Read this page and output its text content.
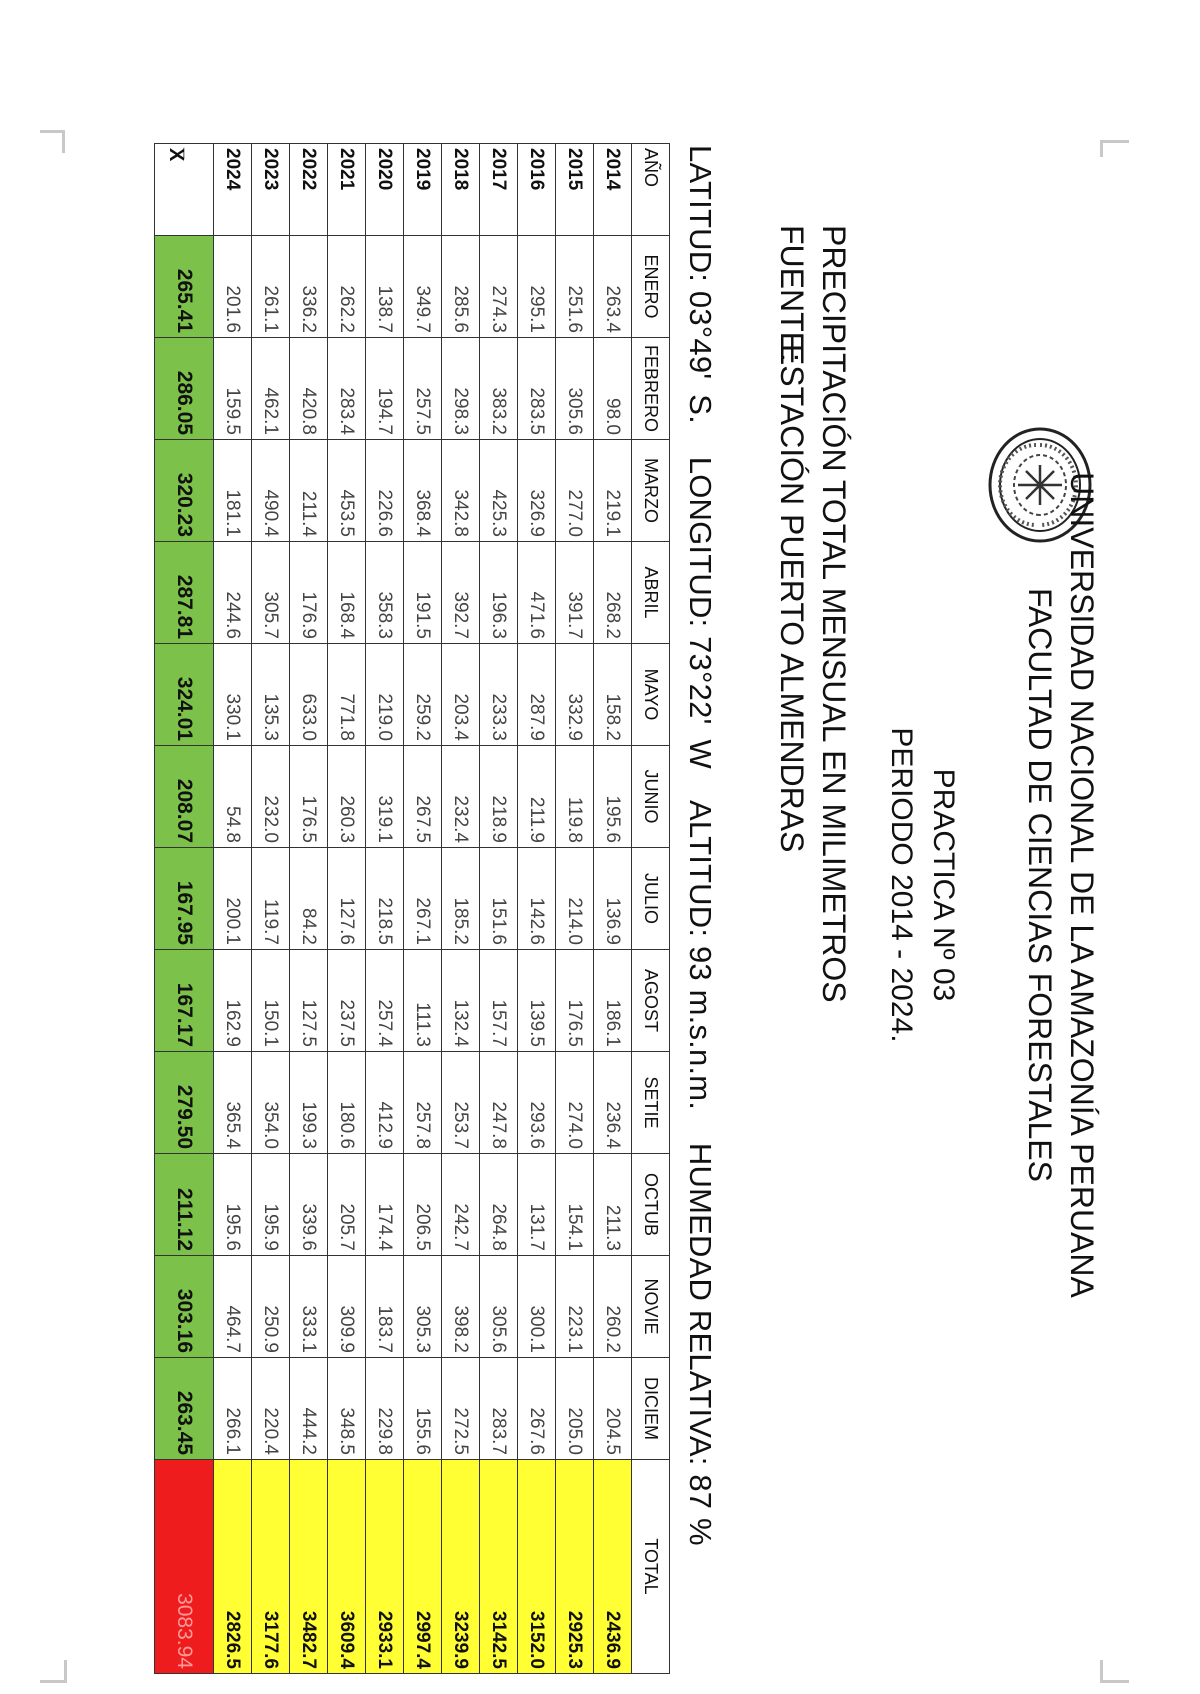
UNIVERSIDAD NACIONAL DE LA AMAZONÍA PERUANA
FACULTAD DE CIENCIAS FORESTALES
PRACTICA Nº 03
PERIODO 2014 - 2024.
PRECIPITACIÓN TOTAL MENSUAL EN MILIMETROS
FUENTE: ESTACIÓN PUERTO ALMENDRAS
LATITUD: 03°49' S. LONGITUD: 73°22' W ALTITUD: 93 m.s.n.m. HUMEDAD RELATIVA: 87 %
AÑO	ENERO	FEBRERO	MARZO	ABRIL	MAYO	JUNIO	JULIO	AGOST	SETIE	OCTUB	NOVIE	DICIEM	TOTAL
2014	263.4	98.0	219.1	268.2	158.2	195.6	136.9	186.1	236.4	211.3	260.2	204.5	2436.9
2015	251.6	305.6	277.0	391.7	332.9	119.8	214.0	176.5	274.0	154.1	223.1	205.0	2925.3
2016	295.1	283.5	326.9	471.6	287.9	211.9	142.6	139.5	293.6	131.7	300.1	267.6	3152.0
2017	274.3	383.2	425.3	196.3	233.3	218.9	151.6	157.7	247.8	264.8	305.6	283.7	3142.5
2018	285.6	298.3	342.8	392.7	203.4	232.4	185.2	132.4	253.7	242.7	398.2	272.5	3239.9
2019	349.7	257.5	368.4	191.5	259.2	267.5	267.1	111.3	257.8	206.5	305.3	155.6	2997.4
2020	138.7	194.7	226.6	358.3	219.0	319.1	218.5	257.4	412.9	174.4	183.7	229.8	2933.1
2021	262.2	283.4	453.5	168.4	771.8	260.3	127.6	237.5	180.6	205.7	309.9	348.5	3609.4
2022	336.2	420.8	211.4	176.9	633.0	176.5	84.2	127.5	199.3	339.6	333.1	444.2	3482.7
2023	261.1	462.1	490.4	305.7	135.3	232.0	119.7	150.1	354.0	195.9	250.9	220.4	3177.6
2024	201.6	159.5	181.1	244.6	330.1	54.8	200.1	162.9	365.4	195.6	464.7	266.1	2826.5

_
X	265.41	286.05	320.23	287.81	324.01	208.07	167.95	167.17	279.50	211.12	303.16	263.45	3083.94
